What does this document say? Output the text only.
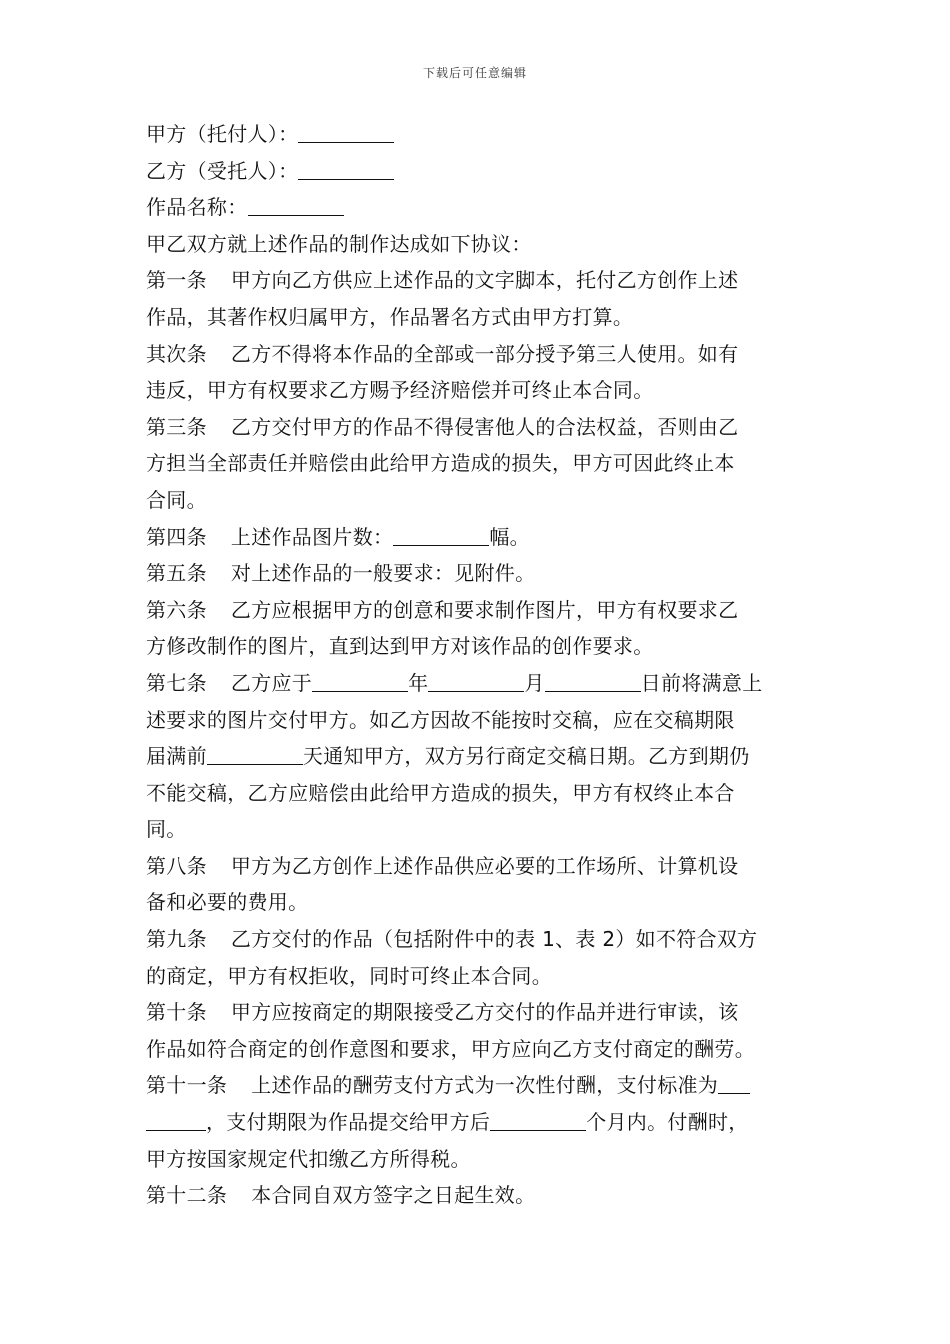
下载后可任意编辑
甲方（托付人）：
乙方（受托人）：
作品名称：
甲乙双方就上述作品的制作达成如下协议：
第一条 甲方向乙方供应上述作品的文字脚本，托付乙方创作上述
作品，其著作权归属甲方，作品署名方式由甲方打算。
其次条 乙方不得将本作品的全部或一部分授予第三人使用。如有
违反，甲方有权要求乙方赐予经济赔偿并可终止本合同。
第三条 乙方交付甲方的作品不得侵害他人的合法权益，否则由乙
方担当全部责任并赔偿由此给甲方造成的损失，甲方可因此终止本
合同。
第四条 上述作品图片数：	幅。
第五条 对上述作品的一般要求：见附件。
第六条 乙方应根据甲方的创意和要求制作图片，甲方有权要求乙
方修改制作的图片，直到达到甲方对该作品的创作要求。
第七条 乙方应于	年	月	日前将满意上
述要求的图片交付甲方。如乙方因故不能按时交稿，应在交稿期限
届满前	天通知甲方，双方另行商定交稿日期。乙方到期仍
不能交稿，乙方应赔偿由此给甲方造成的损失，甲方有权终止本合
同。
第八条 甲方为乙方创作上述作品供应必要的工作场所、计算机设
备和必要的费用。
第九条 乙方交付的作品（包括附件中的表 1、表 2）如不符合双方
的商定，甲方有权拒收，同时可终止本合同。
第十条 甲方应按商定的期限接受乙方交付的作品并进行审读，该
作品如符合商定的创作意图和要求，甲方应向乙方支付商定的酬劳。
第十一条 上述作品的酬劳支付方式为一次性付酬，支付标准为
，支付期限为作品提交给甲方后	个月内。付酬时，
甲方按国家规定代扣缴乙方所得税。
第十二条 本合同自双方签字之日起生效。
